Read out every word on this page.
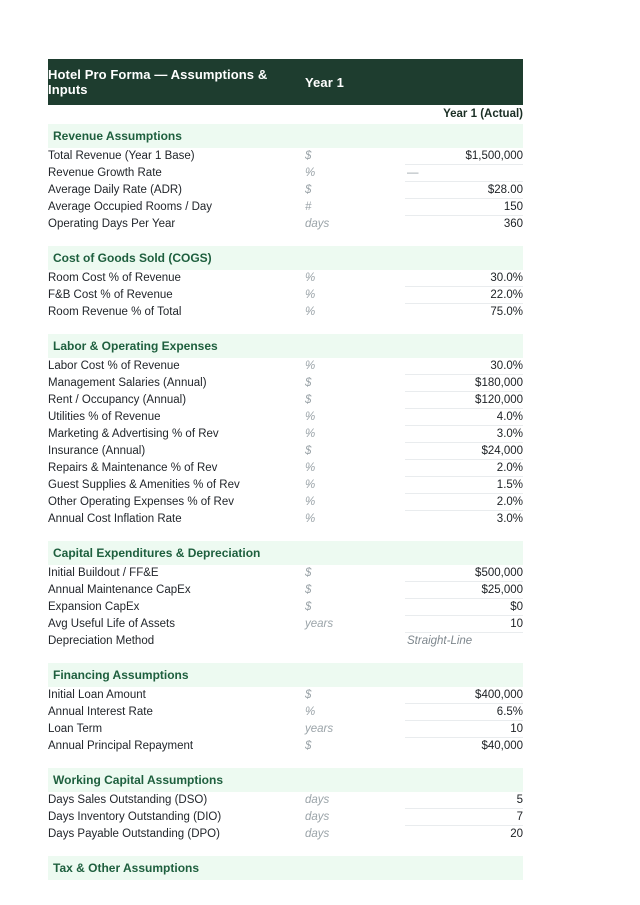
Hotel Pro Forma — Assumptions & Inputs	Year 1	
		Year 1 (Actual)
Revenue Assumptions		
Total Revenue (Year 1 Base)	$	$1,500,000
Revenue Growth Rate	%	—
Average Daily Rate (ADR)	$	$28.00
Average Occupied Rooms / Day	#	150
Operating Days Per Year	days	360

Cost of Goods Sold (COGS)		
Room Cost % of Revenue	%	30.0%
F&B Cost % of Revenue	%	22.0%
Room Revenue % of Total	%	75.0%

Labor & Operating Expenses		
Labor Cost % of Revenue	%	30.0%
Management Salaries (Annual)	$	$180,000
Rent / Occupancy (Annual)	$	$120,000
Utilities % of Revenue	%	4.0%
Marketing & Advertising % of Rev	%	3.0%
Insurance (Annual)	$	$24,000
Repairs & Maintenance % of Rev	%	2.0%
Guest Supplies & Amenities % of Rev	%	1.5%
Other Operating Expenses % of Rev	%	2.0%
Annual Cost Inflation Rate	%	3.0%

Capital Expenditures & Depreciation		
Initial Buildout / FF&E	$	$500,000
Annual Maintenance CapEx	$	$25,000
Expansion CapEx	$	$0
Avg Useful Life of Assets	years	10
Depreciation Method		Straight-Line

Financing Assumptions		
Initial Loan Amount	$	$400,000
Annual Interest Rate	%	6.5%
Loan Term	years	10
Annual Principal Repayment	$	$40,000

Working Capital Assumptions		
Days Sales Outstanding (DSO)	days	5
Days Inventory Outstanding (DIO)	days	7
Days Payable Outstanding (DPO)	days	20

Tax & Other Assumptions		
